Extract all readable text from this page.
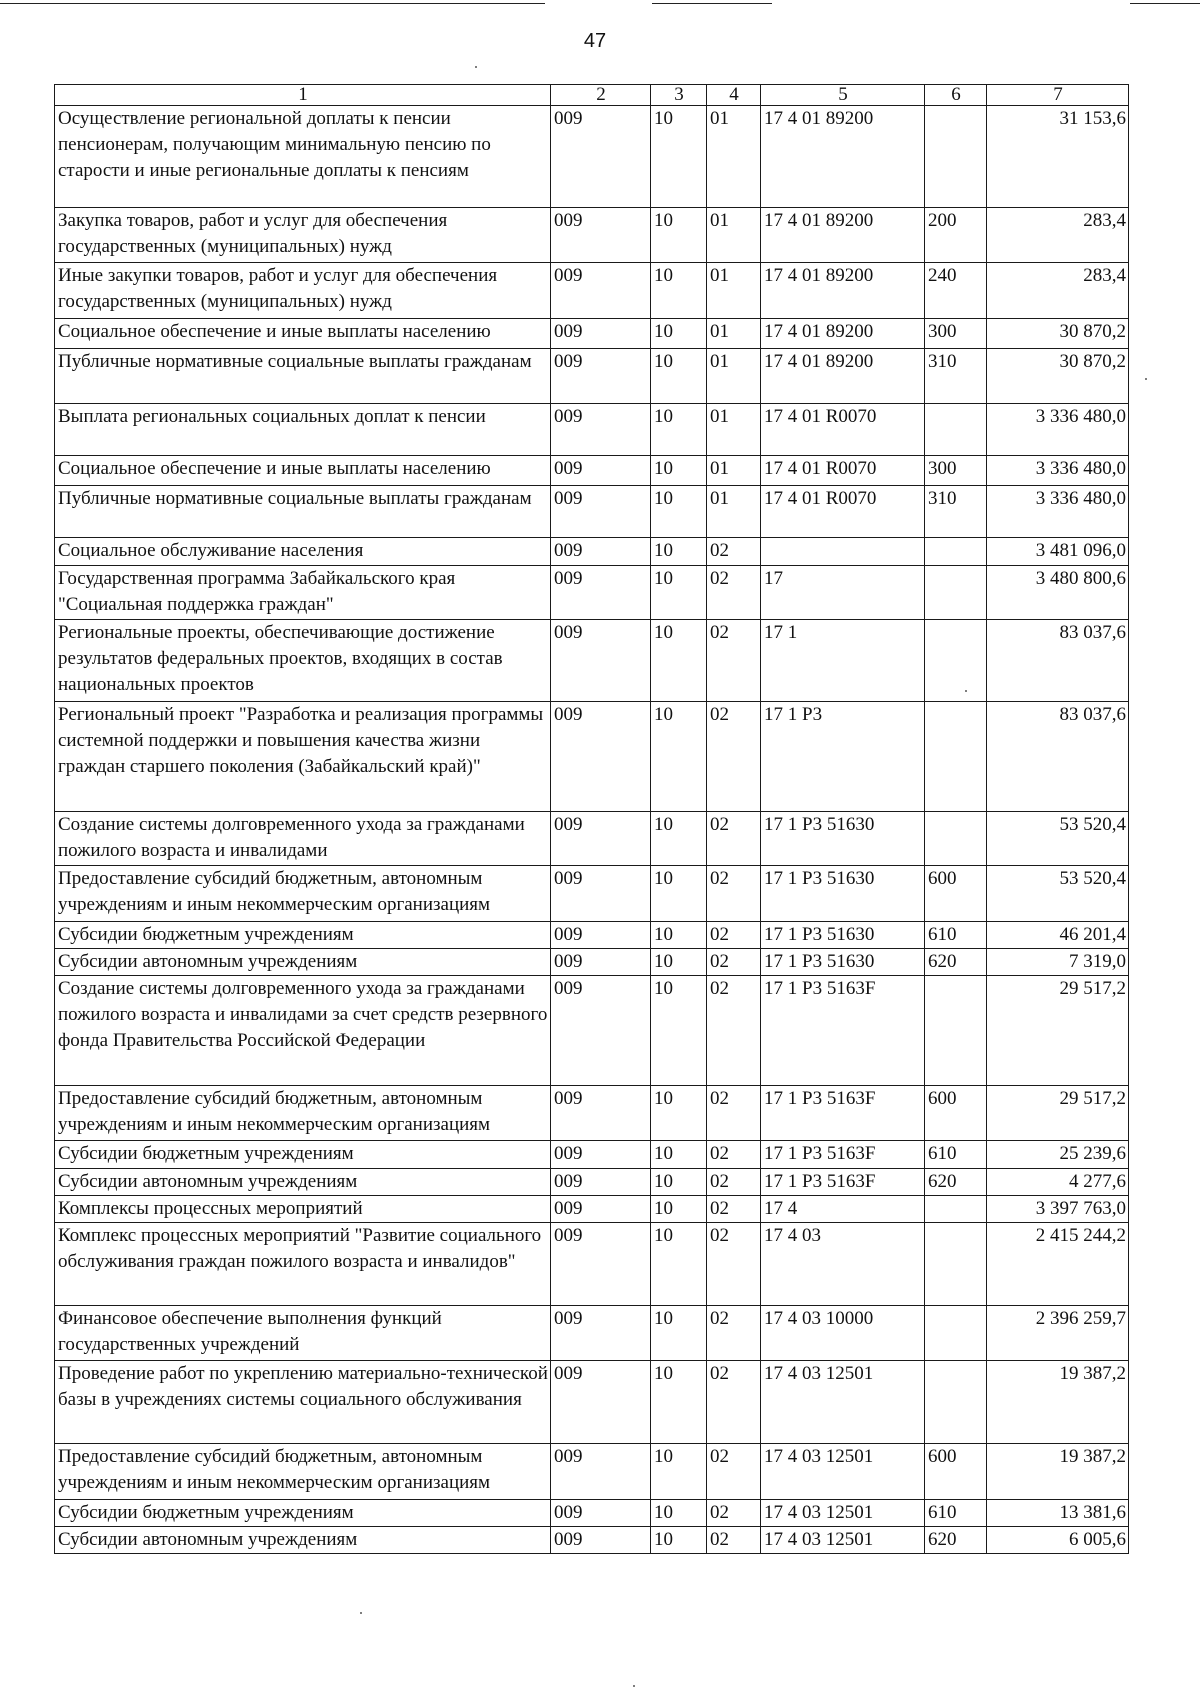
47
1	2	3	4	5	6	7
Осуществление региональной доплаты к пенсии пенсионерам, получающим минимальную пенсию по старости и иные региональные доплаты к пенсиям	009	10	01	17 4 01 89200		31 153,6
Закупка товаров, работ и услуг для обеспечения государственных (муниципальных) нужд	009	10	01	17 4 01 89200	200	283,4
Иные закупки товаров, работ и услуг для обеспечения государственных (муниципальных) нужд	009	10	01	17 4 01 89200	240	283,4
Социальное обеспечение и иные выплаты населению	009	10	01	17 4 01 89200	300	30 870,2
Публичные нормативные социальные выплаты гражданам	009	10	01	17 4 01 89200	310	30 870,2
Выплата региональных социальных доплат к пенсии	009	10	01	17 4 01 R0070		3 336 480,0
Социальное обеспечение и иные выплаты населению	009	10	01	17 4 01 R0070	300	3 336 480,0
Публичные нормативные социальные выплаты гражданам	009	10	01	17 4 01 R0070	310	3 336 480,0
Социальное обслуживание населения	009	10	02			3 481 096,0
Государственная программа Забайкальского края "Социальная поддержка граждан"	009	10	02	17		3 480 800,6
Региональные проекты, обеспечивающие достижение результатов федеральных проектов, входящих в состав национальных проектов	009	10	02	17 1		83 037,6
Региональный проект "Разработка и реализация программы системной поддержки и повышения качества жизни граждан старшего поколения (Забайкальский край)"	009	10	02	17 1 Р3		83 037,6
Создание системы долговременного ухода за гражданами пожилого возраста и инвалидами	009	10	02	17 1 Р3 51630		53 520,4
Предоставление субсидий бюджетным, автономным учреждениям и иным некоммерческим организациям	009	10	02	17 1 Р3 51630	600	53 520,4
Субсидии бюджетным учреждениям	009	10	02	17 1 Р3 51630	610	46 201,4
Субсидии автономным учреждениям	009	10	02	17 1 Р3 51630	620	7 319,0
Создание системы долговременного ухода за гражданами пожилого возраста и инвалидами за счет средств резервного фонда Правительства Российской Федерации	009	10	02	17 1 Р3 5163F		29 517,2
Предоставление субсидий бюджетным, автономным учреждениям и иным некоммерческим организациям	009	10	02	17 1 Р3 5163F	600	29 517,2
Субсидии бюджетным учреждениям	009	10	02	17 1 Р3 5163F	610	25 239,6
Субсидии автономным учреждениям	009	10	02	17 1 Р3 5163F	620	4 277,6
Комплексы процессных мероприятий	009	10	02	17 4		3 397 763,0
Комплекс процессных мероприятий "Развитие социального обслуживания граждан пожилого возраста и инвалидов"	009	10	02	17 4 03		2 415 244,2
Финансовое обеспечение выполнения функций государственных учреждений	009	10	02	17 4 03 10000		2 396 259,7
Проведение работ по укреплению материально-технической базы в учреждениях системы социального обслуживания	009	10	02	17 4 03 12501		19 387,2
Предоставление субсидий бюджетным, автономным учреждениям и иным некоммерческим организациям	009	10	02	17 4 03 12501	600	19 387,2
Субсидии бюджетным учреждениям	009	10	02	17 4 03 12501	610	13 381,6
Субсидии автономным учреждениям	009	10	02	17 4 03 12501	620	6 005,6
